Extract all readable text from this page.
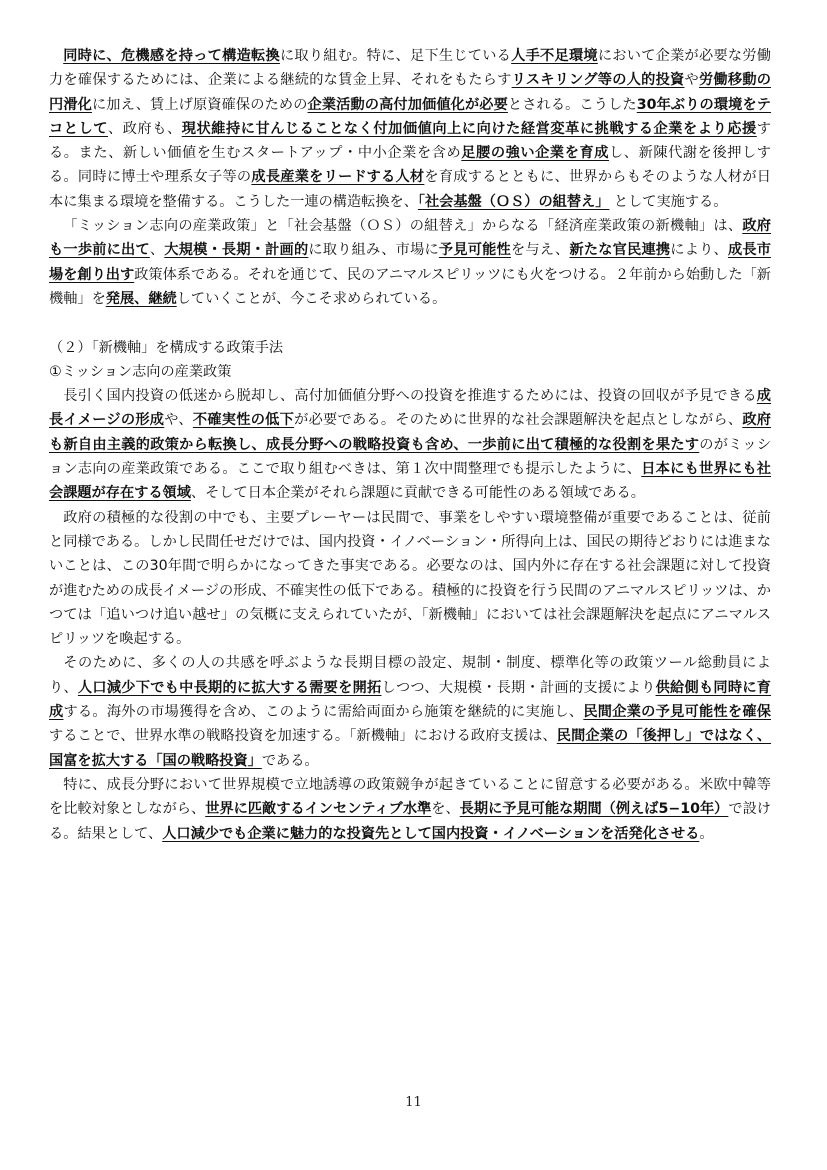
同時に、危機感を持って構造転換に取り組む。特に、足下生じている人手不足環境において企業が必要な労働力を確保するためには、企業による継続的な賃金上昇、それをもたらすリスキリング等の人的投資や労働移動の円滑化に加え、賃上げ原資確保のための企業活動の高付加価値化が必要とされる。こうした30年ぶりの環境をテコとして、政府も、現状維持に甘んじることなく付加価値向上に向けた経営変革に挑戦する企業をより応援する。また、新しい価値を生むスタートアップ・中小企業を含め足腰の強い企業を育成し、新陳代謝を後押しする。同時に博士や理系女子等の成長産業をリードする人材を育成するとともに、世界からもそのような人材が日本に集まる環境を整備する。こうした一連の構造転換を、「社会基盤（ＯＳ）の組替え」 として実施する。

「ミッション志向の産業政策」と「社会基盤（ＯＳ）の組替え」からなる「経済産業政策の新機軸」は、政府も一歩前に出て、大規模・長期・計画的に取り組み、市場に予見可能性を与え、新たな官民連携により、成長市場を創り出す政策体系である。それを通じて、民のアニマルスピリッツにも火をつける。２年前から始動した「新機軸」を発展、継続していくことが、今こそ求められている。

（２）「新機軸」を構成する政策手法

①ミッション志向の産業政策

長引く国内投資の低迷から脱却し、高付加価値分野への投資を推進するためには、投資の回収が予見できる成長イメージの形成や、不確実性の低下が必要である。そのために世界的な社会課題解決を起点としながら、政府も新自由主義的政策から転換し、成長分野への戦略投資も含め、一歩前に出て積極的な役割を果たすのがミッション志向の産業政策である。ここで取り組むべきは、第１次中間整理でも提示したように、日本にも世界にも社会課題が存在する領域、そして日本企業がそれら課題に貢献できる可能性のある領域である。

政府の積極的な役割の中でも、主要プレーヤーは民間で、事業をしやすい環境整備が重要であることは、従前と同様である。しかし民間任せだけでは、国内投資・イノベーション・所得向上は、国民の期待どおりには進まないことは、この30年間で明らかになってきた事実である。必要なのは、国内外に存在する社会課題に対して投資が進むための成長イメージの形成、不確実性の低下である。積極的に投資を行う民間のアニマルスピリッツは、かつては「追いつけ追い越せ」の気概に支えられていたが、「新機軸」においては社会課題解決を起点にアニマルスピリッツを喚起する。

そのために、多くの人の共感を呼ぶような長期目標の設定、規制・制度、標準化等の政策ツール総動員により、人口減少下でも中長期的に拡大する需要を開拓しつつ、大規模・長期・計画的支援により供給側も同時に育成する。海外の市場獲得を含め、このように需給両面から施策を継続的に実施し、民間企業の予見可能性を確保することで、世界水準の戦略投資を加速する。「新機軸」における政府支援は、民間企業の「後押し」ではなく、国富を拡大する「国の戦略投資」である。

特に、成長分野において世界規模で立地誘導の政策競争が起きていることに留意する必要がある。米欧中韓等を比較対象としながら、世界に匹敵するインセンティブ水準を、長期に予見可能な期間（例えば5−10年）で設ける。結果として、人口減少でも企業に魅力的な投資先として国内投資・イノベーションを活発化させる。

11
